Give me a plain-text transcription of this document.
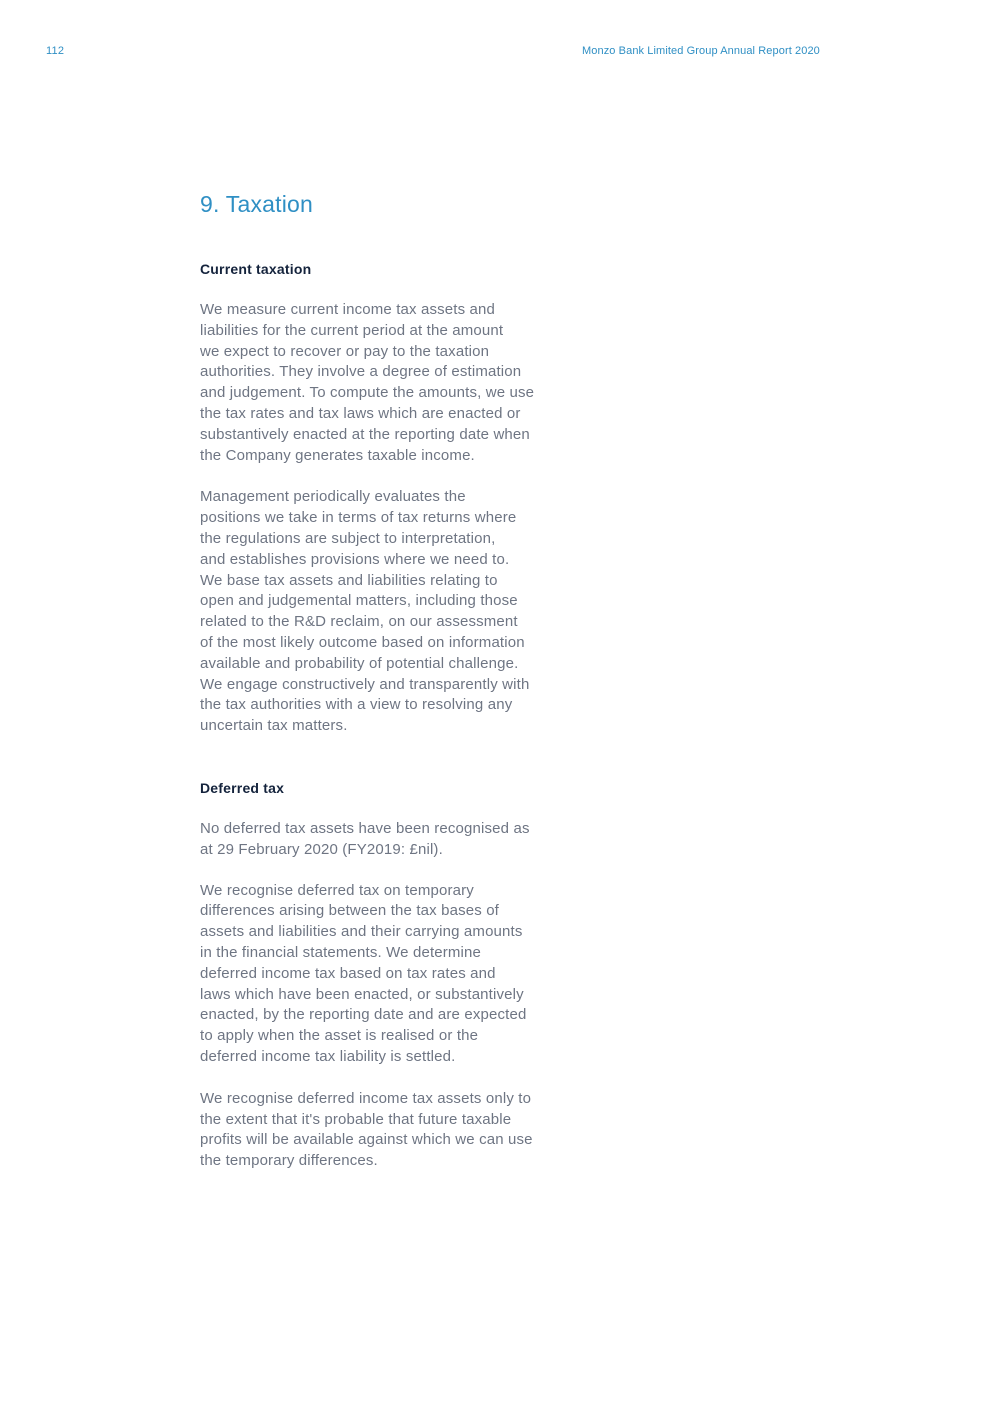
112	Monzo Bank Limited Group Annual Report 2020
9. Taxation
Current taxation
We measure current income tax assets and
liabilities for the current period at the amount
we expect to recover or pay to the taxation
authorities. They involve a degree of estimation
and judgement. To compute the amounts, we use
the tax rates and tax laws which are enacted or
substantively enacted at the reporting date when
the Company generates taxable income.
Management periodically evaluates the
positions we take in terms of tax returns where
the regulations are subject to interpretation,
and establishes provisions where we need to.
We base tax assets and liabilities relating to
open and judgemental matters, including those
related to the R&D reclaim, on our assessment
of the most likely outcome based on information
available and probability of potential challenge.
We engage constructively and transparently with
the tax authorities with a view to resolving any
uncertain tax matters.
Deferred tax
No deferred tax assets have been recognised as
at 29 February 2020 (FY2019: £nil).
We recognise deferred tax on temporary
differences arising between the tax bases of
assets and liabilities and their carrying amounts
in the financial statements. We determine
deferred income tax based on tax rates and
laws which have been enacted, or substantively
enacted, by the reporting date and are expected
to apply when the asset is realised or the
deferred income tax liability is settled.
We recognise deferred income tax assets only to
the extent that it's probable that future taxable
profits will be available against which we can use
the temporary differences.
